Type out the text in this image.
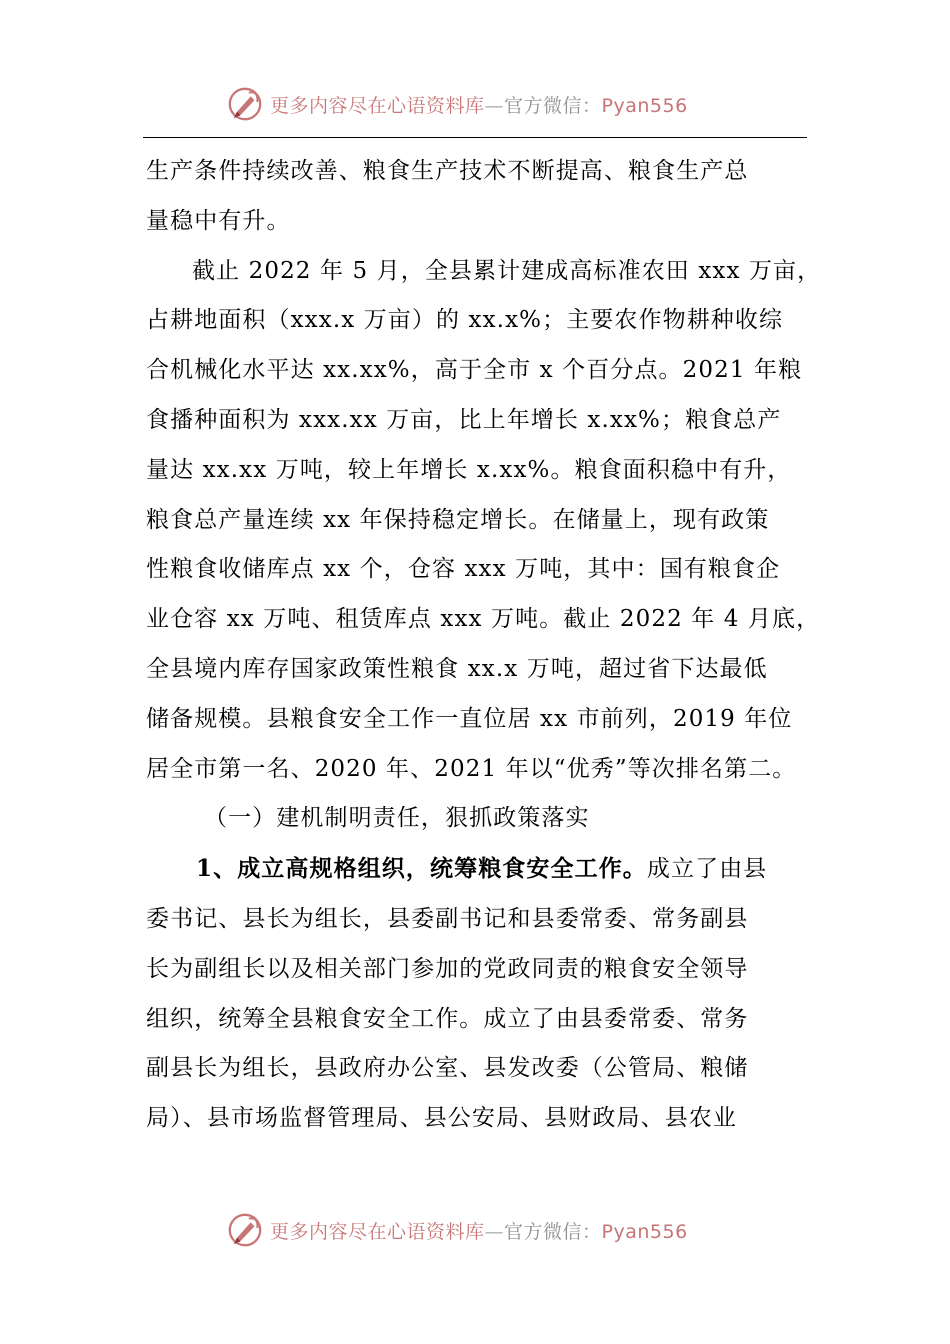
更多内容尽在心语资料库—官方微信：Pyan556

生产条件持续改善、粮食生产技术不断提高、粮食生产总
量稳中有升。

截止 2022 年 5 月，全县累计建成高标准农田 xxx 万亩，
占耕地面积（xxx.x 万亩）的 xx.x%；主要农作物耕种收综
合机械化水平达 xx.xx%，高于全市 x 个百分点。2021 年粮
食播种面积为 xxx.xx 万亩，比上年增长 x.xx%；粮食总产
量达 xx.xx 万吨，较上年增长 x.xx%。粮食面积稳中有升，
粮食总产量连续 xx 年保持稳定增长。在储量上，现有政策
性粮食收储库点 xx 个，仓容 xxx 万吨，其中：国有粮食企
业仓容 xx 万吨、租赁库点 xxx 万吨。截止 2022 年 4 月底，
全县境内库存国家政策性粮食 xx.x 万吨，超过省下达最低
储备规模。县粮食安全工作一直位居 xx 市前列，2019 年位
居全市第一名、2020 年、2021 年以“优秀”等次排名第二。

（一）建机制明责任，狠抓政策落实

1、成立高规格组织，统筹粮食安全工作。成立了由县
委书记、县长为组长，县委副书记和县委常委、常务副县
长为副组长以及相关部门参加的党政同责的粮食安全领导
组织，统筹全县粮食安全工作。成立了由县委常委、常务
副县长为组长，县政府办公室、县发改委（公管局、粮储
局）、县市场监督管理局、县公安局、县财政局、县农业

更多内容尽在心语资料库—官方微信：Pyan556
